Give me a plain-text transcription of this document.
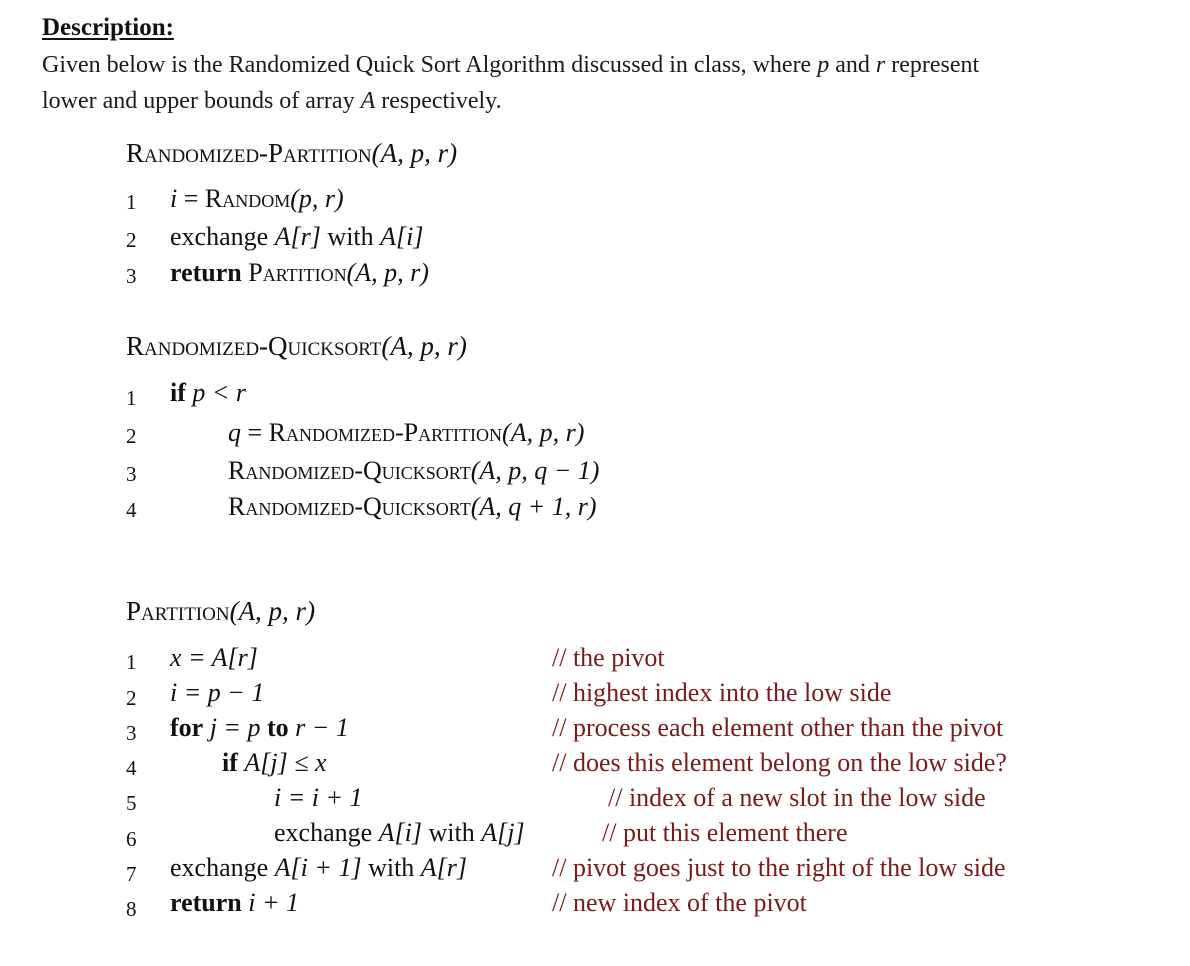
Description:
Given below is the Randomized Quick Sort Algorithm discussed in class, where p and r represent
lower and upper bounds of array A respectively.
Randomized-Partition(A, p, r)
1	i = Random(p, r)
2	exchange A[r] with A[i]
3	return Partition(A, p, r)
Randomized-Quicksort(A, p, r)
1	if p < r
2	q = Randomized-Partition(A, p, r)
3	Randomized-Quicksort(A, p, q − 1)
4	Randomized-Quicksort(A, q + 1, r)
Partition(A, p, r)
1	x = A[r]	// the pivot
2	i = p − 1	// highest index into the low side
3	for j = p to r − 1	// process each element other than the pivot
4	if A[j] ≤ x	// does this element belong on the low side?
5	i = i + 1	// index of a new slot in the low side
6	exchange A[i] with A[j]	// put this element there
7	exchange A[i + 1] with A[r]	// pivot goes just to the right of the low side
8	return i + 1	// new index of the pivot
